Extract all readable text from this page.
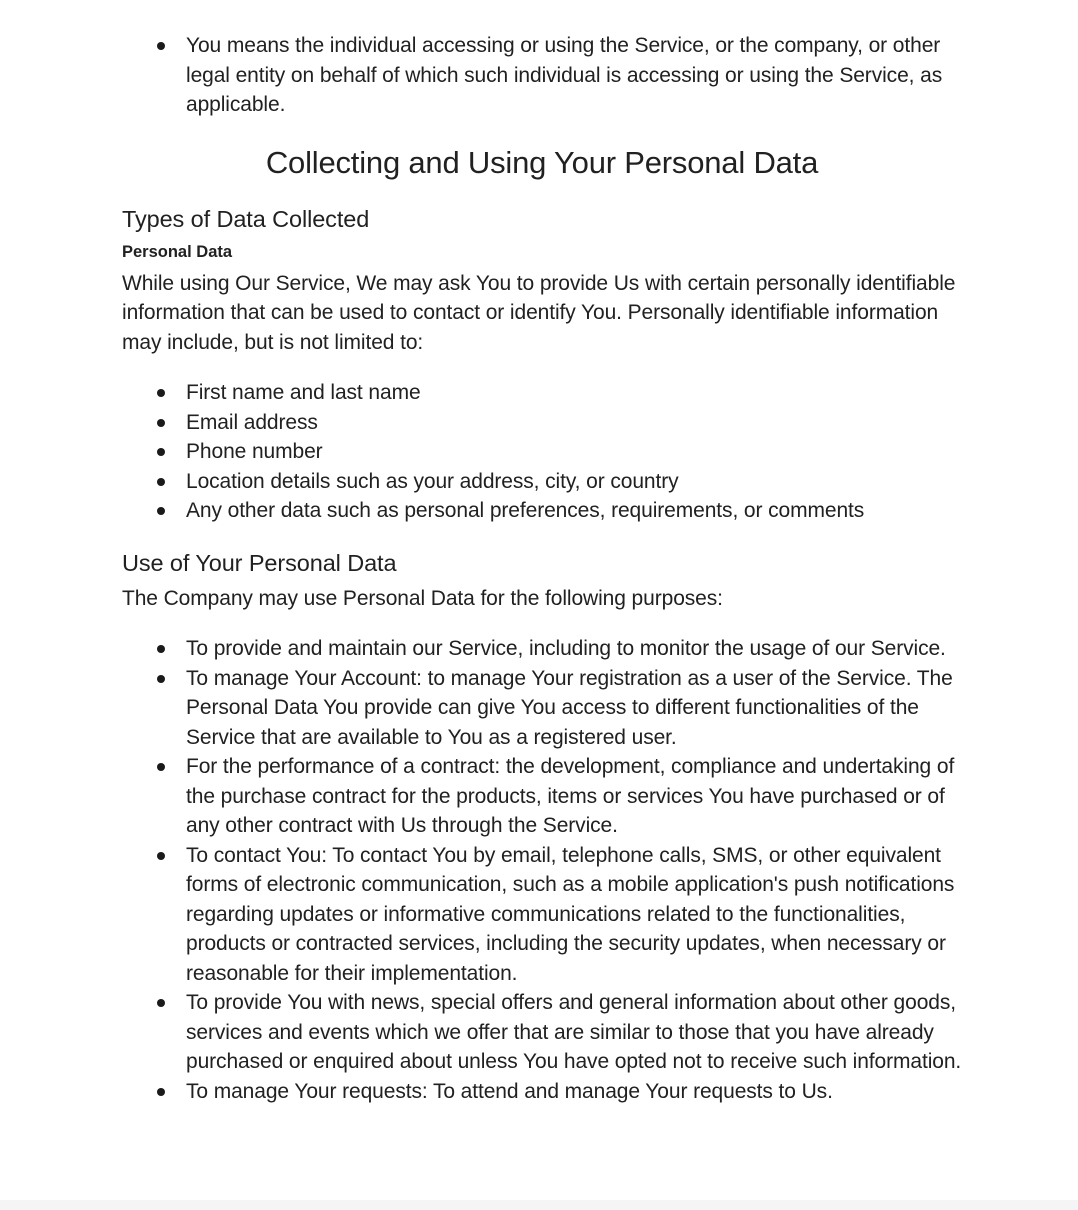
You means the individual accessing or using the Service, or the company, or other legal entity on behalf of which such individual is accessing or using the Service, as applicable.
Collecting and Using Your Personal Data
Types of Data Collected
Personal Data

While using Our Service, We may ask You to provide Us with certain personally identifiable information that can be used to contact or identify You. Personally identifiable information may include, but is not limited to:

First name and last name
Email address
Phone number
Location details such as your address, city, or country
Any other data such as personal preferences, requirements, or comments
Use of Your Personal Data

The Company may use Personal Data for the following purposes:

To provide and maintain our Service, including to monitor the usage of our Service.
To manage Your Account: to manage Your registration as a user of the Service. The Personal Data You provide can give You access to different functionalities of the Service that are available to You as a registered user.
For the performance of a contract: the development, compliance and undertaking of the purchase contract for the products, items or services You have purchased or of any other contract with Us through the Service.
To contact You: To contact You by email, telephone calls, SMS, or other equivalent forms of electronic communication, such as a mobile application's push notifications regarding updates or informative communications related to the functionalities, products or contracted services, including the security updates, when necessary or reasonable for their implementation.
To provide You with news, special offers and general information about other goods, services and events which we offer that are similar to those that you have already purchased or enquired about unless You have opted not to receive such information.
To manage Your requests: To attend and manage Your requests to Us.
